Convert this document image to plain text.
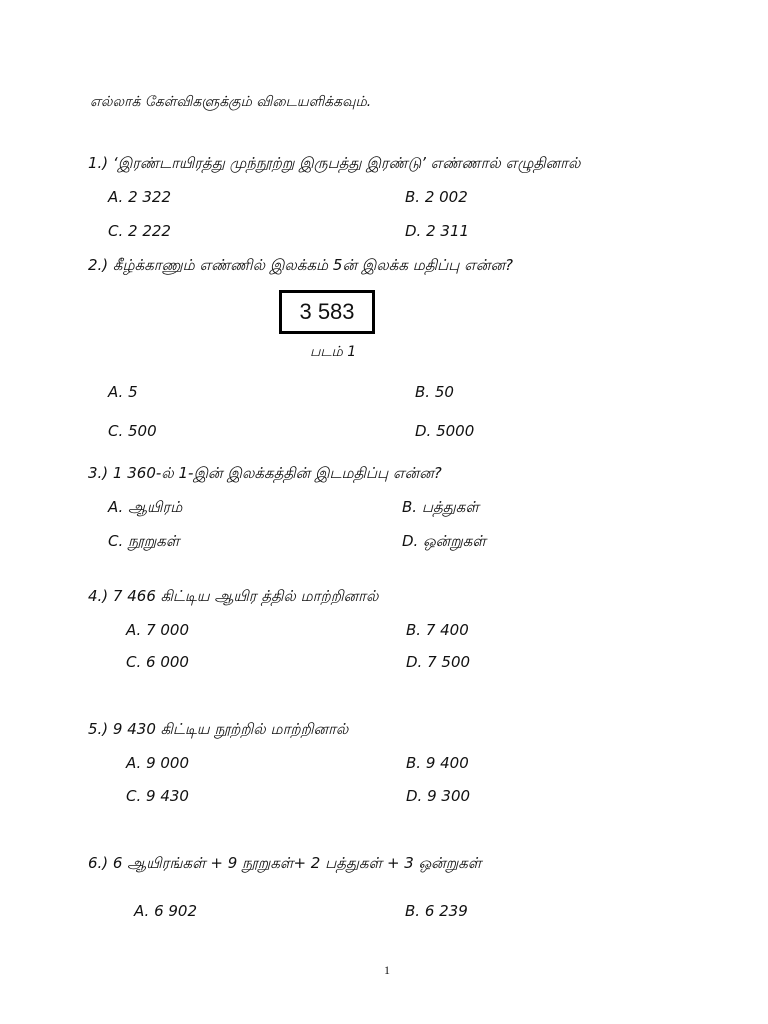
எல்லாக் கேள்விகளுக்கும் விடையளிக்கவும்.
1.) ‘இரண்டாயிரத்து முந்நூற்று இருபத்து இரண்டு’ எண்ணால் எழுதினால்
A. 2 322	B. 2 002
C. 2 222	D. 2 311
2.) கீழ்க்காணும் எண்ணில் இலக்கம் 5ன் இலக்க மதிப்பு என்ன?
3 583
படம் 1
A. 5	B. 50
C. 500	D. 5000
3.) 1 360-ல் 1-இன் இலக்கத்தின் இடமதிப்பு என்ன?
A. ஆயிரம்	B. பத்துகள்
C. நூறுகள்	D. ஒன்றுகள்
4.) 7 466 கிட்டிய ஆயிர த்தில் மாற்றினால்
A. 7 000	B. 7 400
C. 6 000	D. 7 500
5.) 9 430 கிட்டிய நூற்றில் மாற்றினால்
A. 9 000	B. 9 400
C. 9 430	D. 9 300
6.) 6 ஆயிரங்கள் + 9 நூறுகள்+ 2 பத்துகள் + 3 ஒன்றுகள்
A. 6 902	B. 6 239
1
